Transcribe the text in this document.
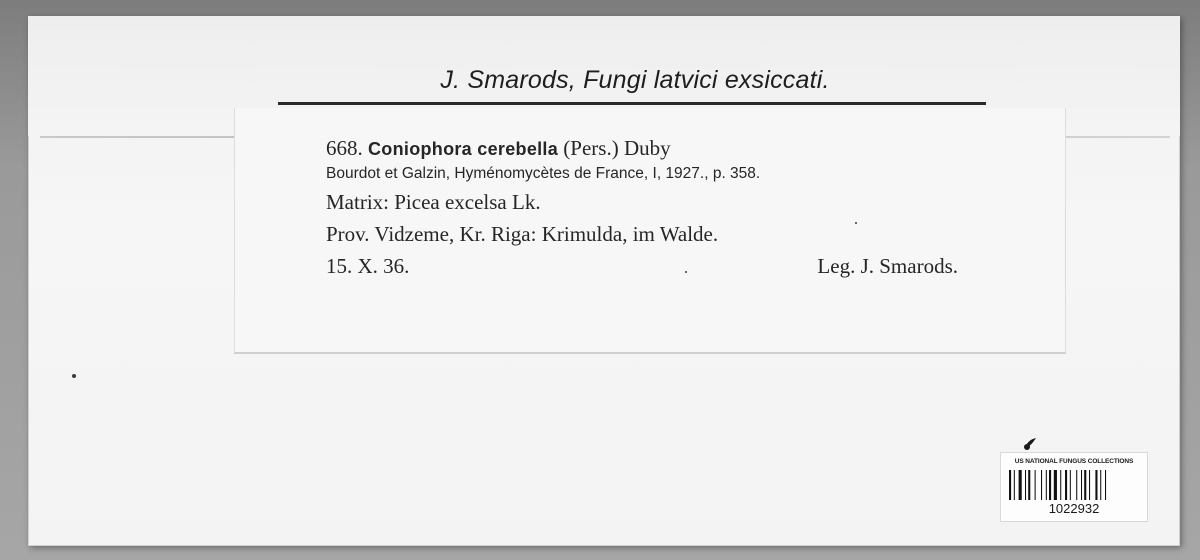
J. Smarods, Fungi latvici exsiccati.
668. Coniophora cerebella (Pers.) Duby
Bourdot et Galzin, Hyménomycètes de France, I, 1927., p. 358.
Matrix: Picea excelsa Lk.
Prov. Vidzeme, Kr. Riga: Krimulda, im Walde.
15. X. 36.	Leg. J. Smarods.
US NATIONAL FUNGUS COLLECTIONS
1022932
